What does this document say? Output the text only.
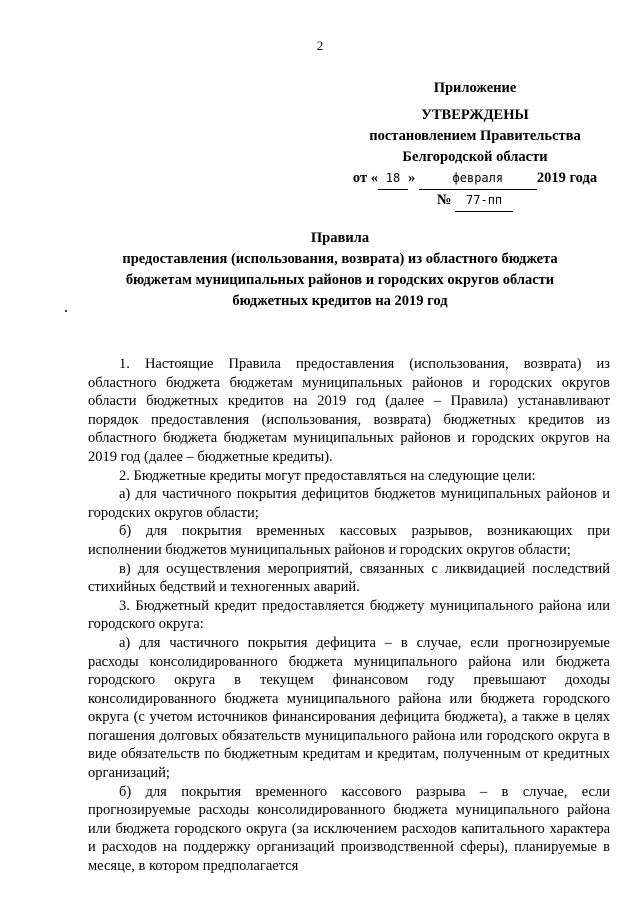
2
Приложение
УТВЕРЖДЕНЫ
постановлением Правительства
Белгородской области
от « 18 »	февраля 2019 года
№ 77-пп
Правила
предоставления (использования, возврата) из областного бюджета
бюджетам муниципальных районов и городских округов области
бюджетных кредитов на 2019 год

1. Настоящие Правила предоставления (использования, возврата) из областного бюджета бюджетам муниципальных районов и городских округов области бюджетных кредитов на 2019 год (далее – Правила) устанавливают порядок предоставления (использования, возврата) бюджетных кредитов из областного бюджета бюджетам муниципальных районов и городских округов на 2019 год (далее – бюджетные кредиты).

2. Бюджетные кредиты могут предоставляться на следующие цели:

а) для частичного покрытия дефицитов бюджетов муниципальных районов и городских округов области;

б) для покрытия временных кассовых разрывов, возникающих при исполнении бюджетов муниципальных районов и городских округов области;

в) для осуществления мероприятий, связанных с ликвидацией последствий стихийных бедствий и техногенных аварий.

3. Бюджетный кредит предоставляется бюджету муниципального района или городского округа:

а) для частичного покрытия дефицита – в случае, если прогнозируемые расходы консолидированного бюджета муниципального района или бюджета городского округа в текущем финансовом году превышают доходы консолидированного бюджета муниципального района или бюджета городского округа (с учетом источников финансирования дефицита бюджета), а также в целях погашения долговых обязательств муниципального района или городского округа в виде обязательств по бюджетным кредитам и кредитам, полученным от кредитных организаций;

б) для покрытия временного кассового разрыва – в случае, если прогнозируемые расходы консолидированного бюджета муниципального района или бюджета городского округа (за исключением расходов капитального характера и расходов на поддержку организаций производственной сферы), планируемые в месяце, в котором предполагается
